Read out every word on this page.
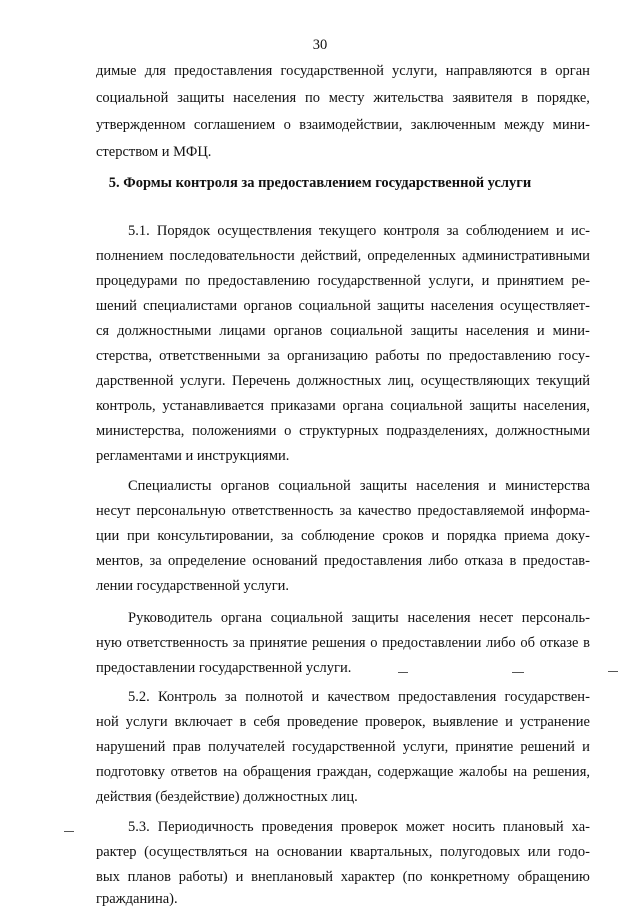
30
димые для предоставления государственной услуги, направляются в орган
социальной защиты населения по месту жительства заявителя в порядке,
утвержденном соглашением о взаимодействии, заключенным между мини-
стерством и МФЦ.
5. Формы контроля за предоставлением государственной услуги
5.1. Порядок осуществления текущего контроля за соблюдением и ис-
полнением последовательности действий, определенных административными
процедурами по предоставлению государственной услуги, и принятием ре-
шений специалистами органов социальной защиты населения осуществляет-
ся должностными лицами органов социальной защиты населения и мини-
стерства, ответственными за организацию работы по предоставлению госу-
дарственной услуги. Перечень должностных лиц, осуществляющих текущий
контроль, устанавливается приказами органа социальной защиты населения,
министерства, положениями о структурных подразделениях, должностными
регламентами и инструкциями.
Специалисты органов социальной защиты населения и министерства
несут персональную ответственность за качество предоставляемой информа-
ции при консультировании, за соблюдение сроков и порядка приема доку-
ментов, за определение оснований предоставления либо отказа в предостав-
лении государственной услуги.
Руководитель органа социальной защиты населения несет персональ-
ную ответственность за принятие решения о предоставлении либо об отказе в
предоставлении государственной услуги.
5.2. Контроль за полнотой и качеством предоставления государствен-
ной услуги включает в себя проведение проверок, выявление и устранение
нарушений прав получателей государственной услуги, принятие решений и
подготовку ответов на обращения граждан, содержащие жалобы на решения,
действия (бездействие) должностных лиц.
5.3. Периодичность проведения проверок может носить плановый ха-
рактер (осуществляться на основании квартальных, полугодовых или годо-
вых планов работы) и внеплановый характер (по конкретному обращению
гражданина).
